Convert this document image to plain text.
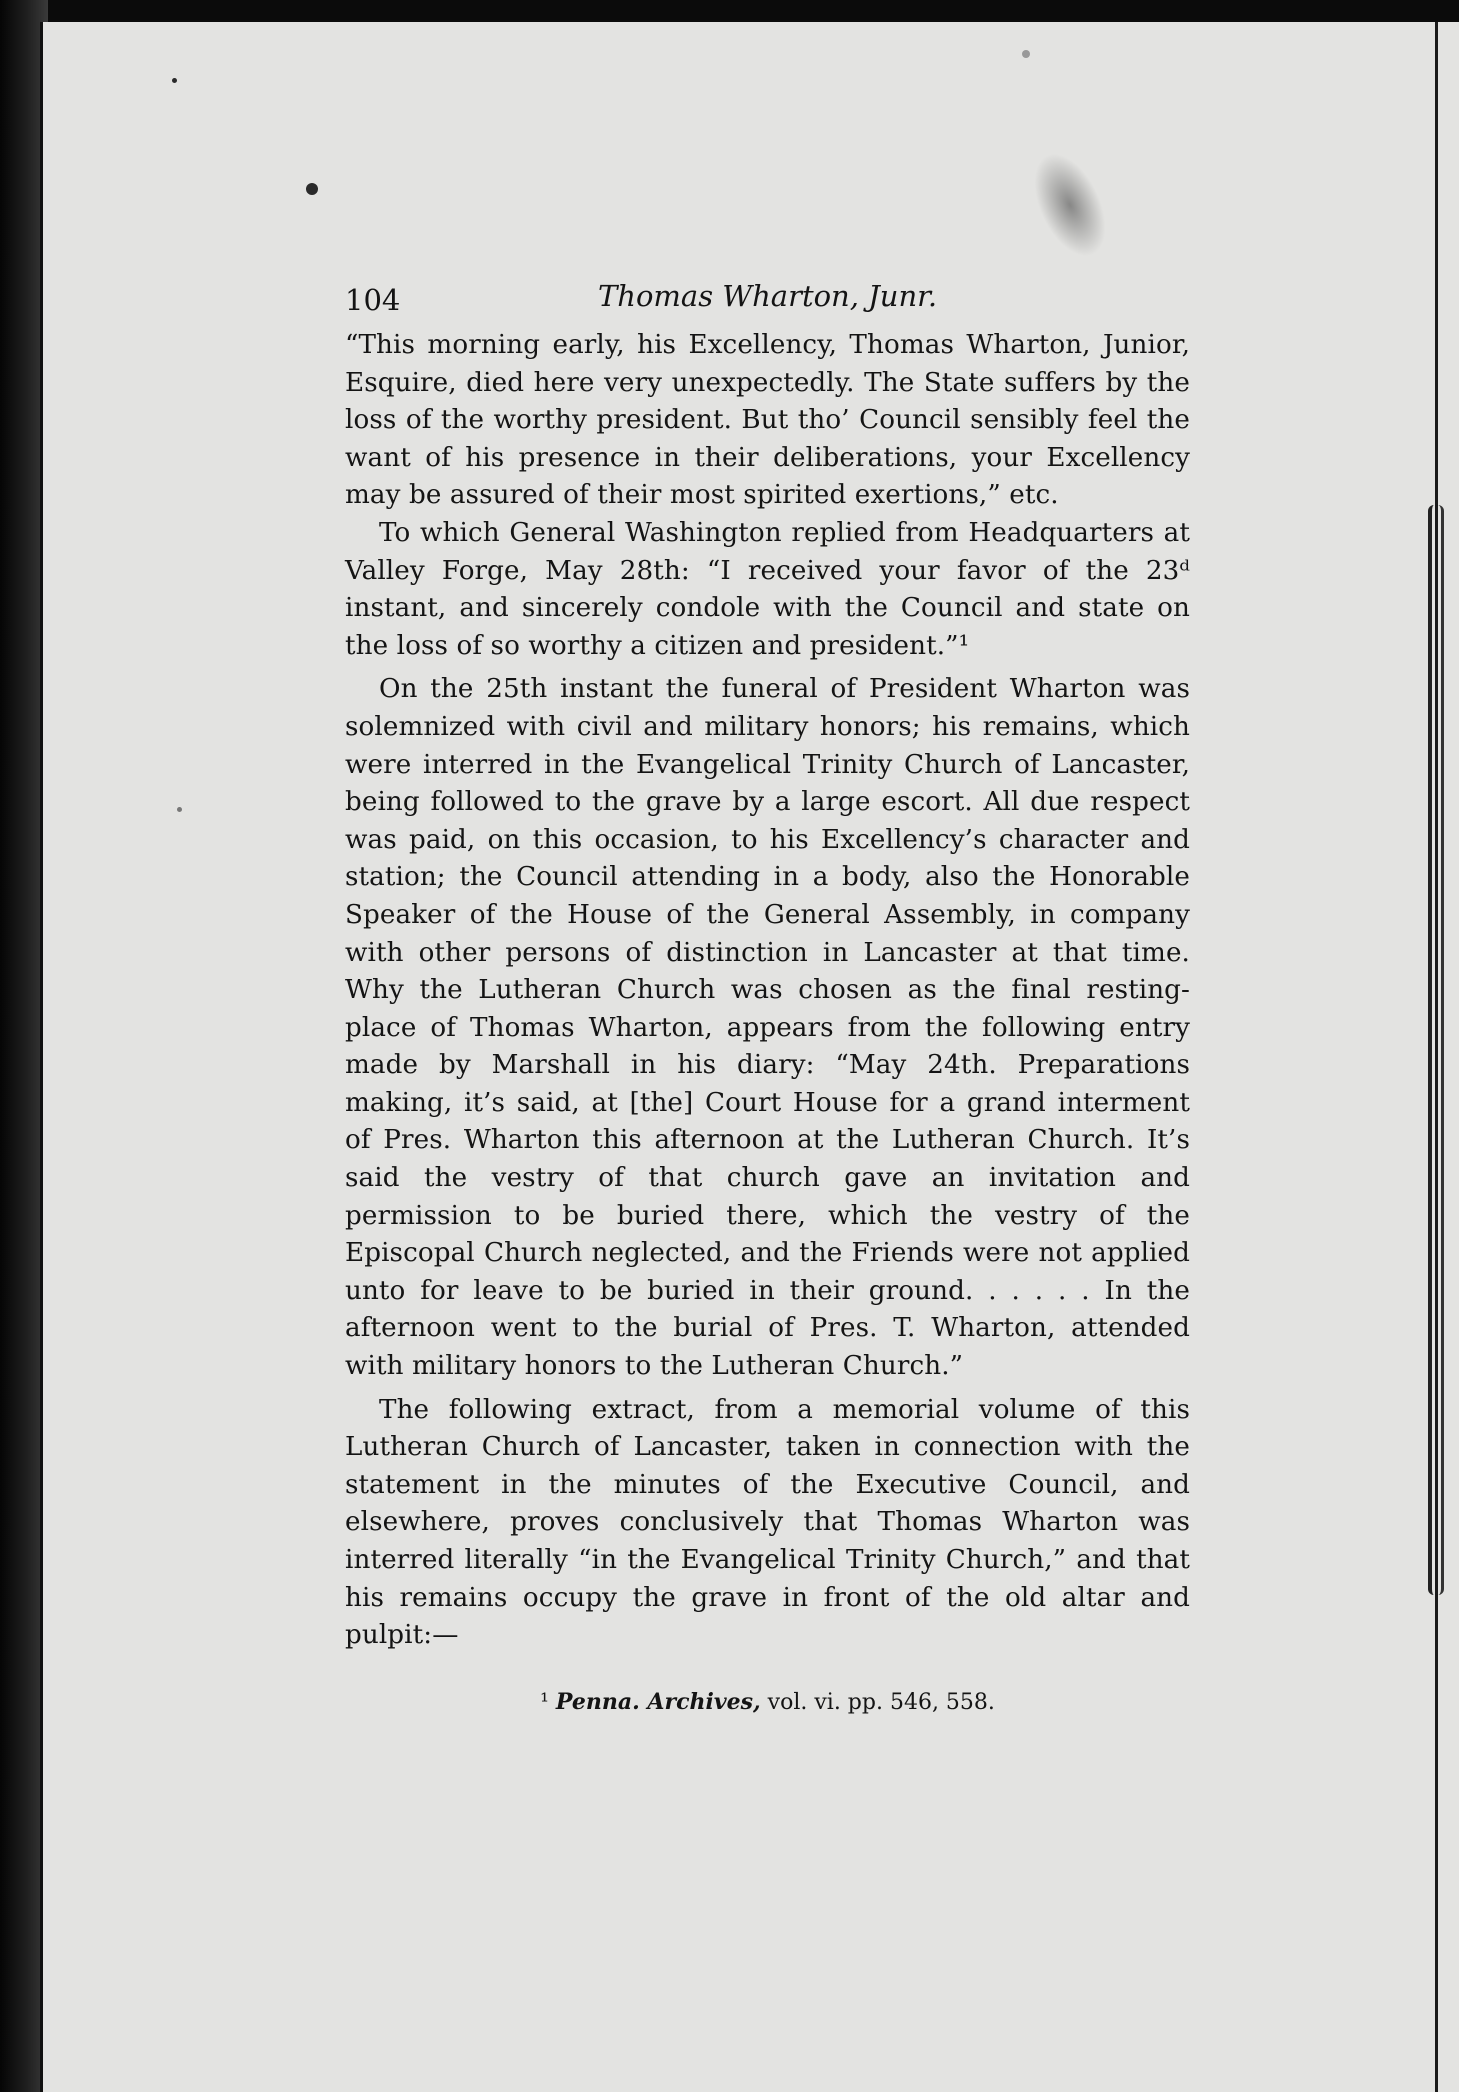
104	Thomas Wharton, Junr.

“This morning early, his Excellency, Thomas Wharton, Junior, Esquire, died here very unexpectedly. The State suffers by the loss of the worthy president. But tho’ Council sensibly feel the want of his presence in their deliberations, your Excellency may be assured of their most spirited exertions,” etc.

To which General Washington replied from Headquarters at Valley Forge, May 28th: “I received your favor of the 23ᵈ instant, and sincerely condole with the Council and state on the loss of so worthy a citizen and president.”¹

On the 25th instant the funeral of President Wharton was solemnized with civil and military honors; his remains, which were interred in the Evangelical Trinity Church of Lancaster, being followed to the grave by a large escort. All due respect was paid, on this occasion, to his Excellency’s character and station; the Council attending in a body, also the Honorable Speaker of the House of the General Assembly, in company with other persons of distinction in Lancaster at that time. Why the Lutheran Church was chosen as the final resting-place of Thomas Wharton, appears from the following entry made by Marshall in his diary: “May 24th. Preparations making, it’s said, at [the] Court House for a grand interment of Pres. Wharton this afternoon at the Lutheran Church. It’s said the vestry of that church gave an invitation and permission to be buried there, which the vestry of the Episcopal Church neglected, and the Friends were not applied unto for leave to be buried in their ground. . . . . . In the afternoon went to the burial of Pres. T. Wharton, attended with military honors to the Lutheran Church.”

The following extract, from a memorial volume of this Lutheran Church of Lancaster, taken in connection with the statement in the minutes of the Executive Council, and elsewhere, proves conclusively that Thomas Wharton was interred literally “in the Evangelical Trinity Church,” and that his remains occupy the grave in front of the old altar and pulpit:—

¹ Penna. Archives, vol. vi. pp. 546, 558.
